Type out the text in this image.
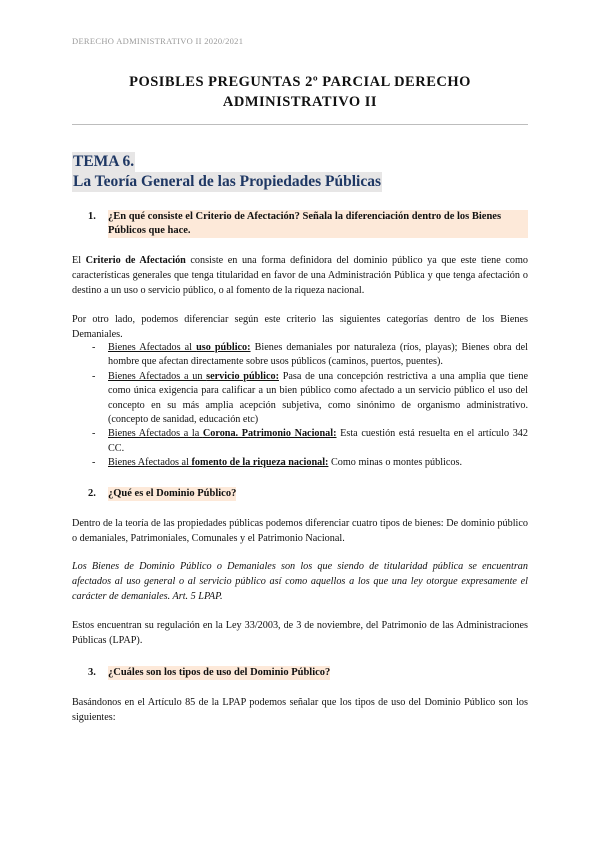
DERECHO ADMINISTRATIVO II 2020/2021
POSIBLES PREGUNTAS 2º PARCIAL DERECHO
ADMINISTRATIVO II
TEMA 6.
La Teoría General de las Propiedades Públicas
1.	¿En qué consiste el Criterio de Afectación? Señala la diferenciación dentro de los Bienes Públicos que hace.
El Criterio de Afectación consiste en una forma definidora del dominio público ya que este tiene como características generales que tenga titularidad en favor de una Administración Pública y que tenga afectación o destino a un uso o servicio público, o al fomento de la riqueza nacional.
Por otro lado, podemos diferenciar según este criterio las siguientes categorías dentro de los Bienes Demaniales.
- Bienes Afectados al uso público: Bienes demaniales por naturaleza (ríos, playas); Bienes obra del hombre que afectan directamente sobre usos públicos (caminos, puertos, puentes).
- Bienes Afectados a un servicio público: Pasa de una concepción restrictiva a una amplia que tiene como única exigencia para calificar a un bien público como afectado a un servicio público el uso del concepto en su más amplia acepción subjetiva, como sinónimo de organismo administrativo. (concepto de sanidad, educación etc)
- Bienes Afectados a la Corona. Patrimonio Nacional: Esta cuestión está resuelta en el artículo 342 CC.
- Bienes Afectados al fomento de la riqueza nacional: Como minas o montes públicos.
2.	¿Qué es el Dominio Público?
Dentro de la teoría de las propiedades públicas podemos diferenciar cuatro tipos de bienes: De dominio público o demaniales, Patrimoniales, Comunales y el Patrimonio Nacional.
Los Bienes de Dominio Público o Demaniales son los que siendo de titularidad pública se encuentran afectados al uso general o al servicio público así como aquellos a los que una ley otorgue expresamente el carácter de demaniales. Art. 5 LPAP.
Estos encuentran su regulación en la Ley 33/2003, de 3 de noviembre, del Patrimonio de las Administraciones Públicas (LPAP).
3.	¿Cuáles son los tipos de uso del Dominio Público?
Basándonos en el Artículo 85 de la LPAP podemos señalar que los tipos de uso del Dominio Público son los siguientes:
